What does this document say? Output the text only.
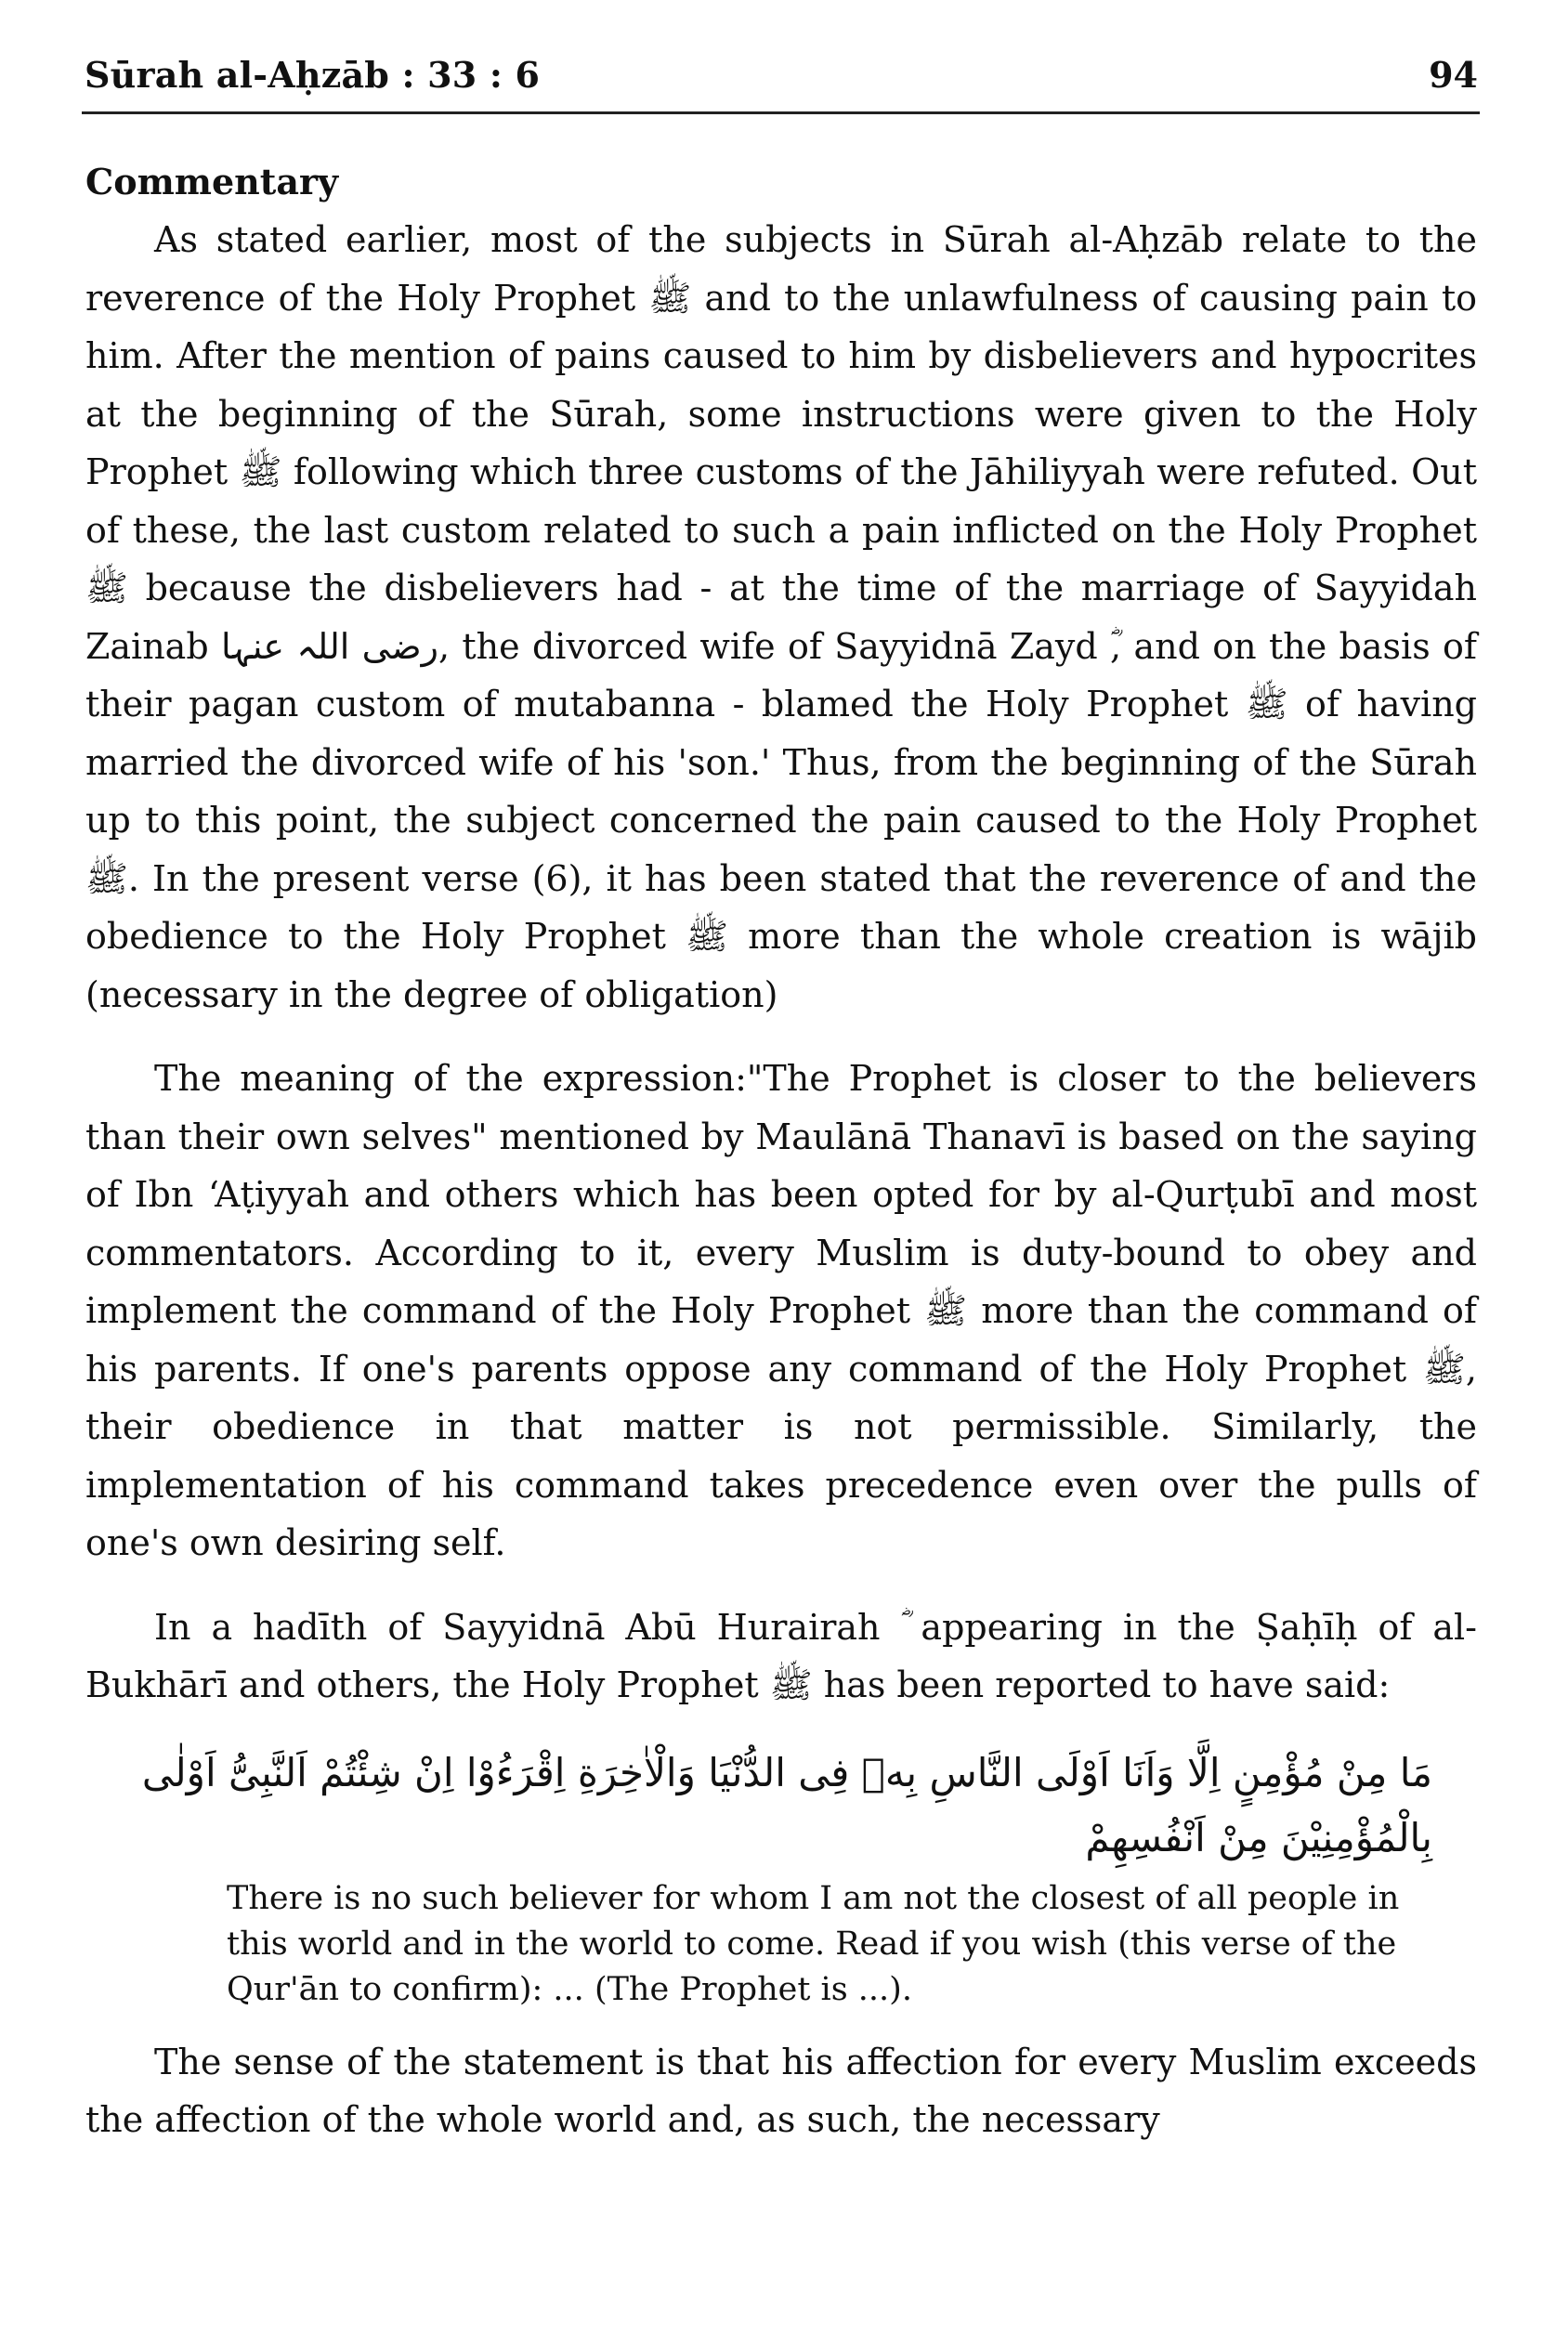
Sūrah al-Aḥzāb : 33 : 6	94
Commentary

As stated earlier, most of the subjects in Sūrah al-Aḥzāb relate to the reverence of the Holy Prophet ﷺ and to the unlawfulness of causing pain to him. After the mention of pains caused to him by disbelievers and hypocrites at the beginning of the Sūrah, some instructions were given to the Holy Prophet ﷺ following which three customs of the Jāhiliyyah were refuted. Out of these, the last custom related to such a pain inflicted on the Holy Prophet ﷺ because the disbelievers had - at the time of the marriage of Sayyidah Zainab رضی اللہ عنہا, the divorced wife of Sayyidnā Zayd ؓ, and on the basis of their pagan custom of mutabanna - blamed the Holy Prophet ﷺ of having married the divorced wife of his 'son.' Thus, from the beginning of the Sūrah up to this point, the subject concerned the pain caused to the Holy Prophet ﷺ. In the present verse (6), it has been stated that the reverence of and the obedience to the Holy Prophet ﷺ more than the whole creation is wājib (necessary in the degree of obligation)

The meaning of the expression:"The Prophet is closer to the believers than their own selves" mentioned by Maulānā Thanavī is based on the saying of Ibn ‘Aṭiyyah and others which has been opted for by al-Qurṭubī and most commentators. According to it, every Muslim is duty-bound to obey and implement the command of the Holy Prophet ﷺ more than the command of his parents. If one's parents oppose any command of the Holy Prophet ﷺ, their obedience in that matter is not permissible. Similarly, the implementation of his command takes precedence even over the pulls of one's own desiring self.

In a hadīth of Sayyidnā Abū Hurairah ؓ appearing in the Ṣaḥīḥ of al-Bukhārī and others, the Holy Prophet ﷺ has been reported to have said:

مَا مِنْ مُؤْمِنٍ اِلَّا وَاَنَا اَوْلَى النَّاسِ بِهٖ فِى الدُّنْيَا وَالْاٰخِرَةِ اِقْرَءُوْا اِنْ شِئْتُمْ اَلنَّبِىُّ اَوْلٰى
بِالْمُؤْمِنِيْنَ مِنْ اَنْفُسِهِمْ
There is no such believer for whom I am not the closest of all people in this world and in the world to come. Read if you wish (this verse of the Qur'ān to confirm): ... (The Prophet is ...).

The sense of the statement is that his affection for every Muslim exceeds the affection of the whole world and, as such, the necessary
